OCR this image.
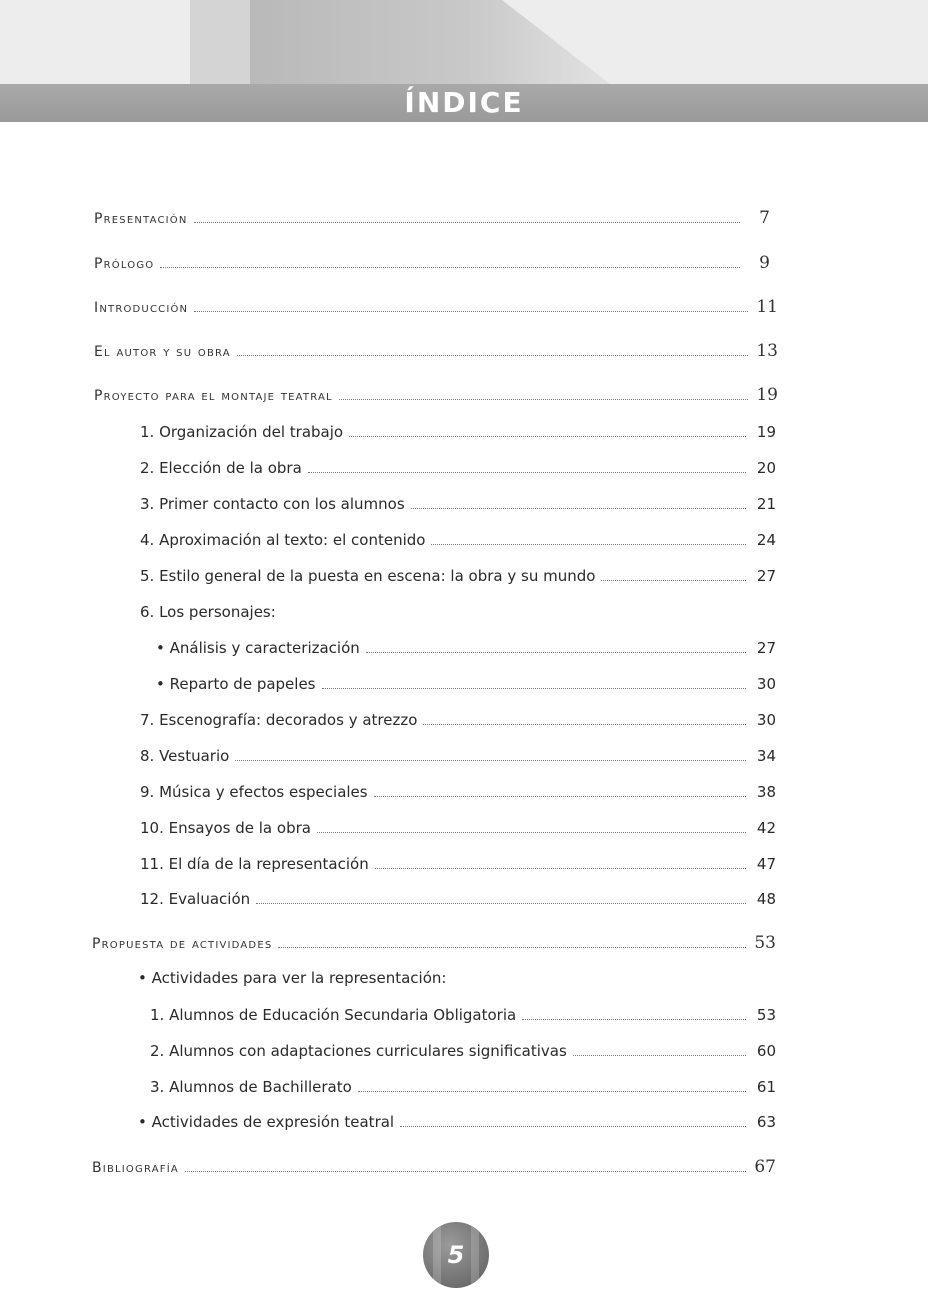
ÍNDICE
Presentación	7
Prólogo	9
Introducción	11
El autor y su obra	13
Proyecto para el montaje teatral	19
1. Organización del trabajo	19
2. Elección de la obra	20
3. Primer contacto con los alumnos	21
4. Aproximación al texto: el contenido	24
5. Estilo general de la puesta en escena: la obra y su mundo	27
6. Los personajes:
• Análisis y caracterización	27
• Reparto de papeles	30
7. Escenografía: decorados y atrezzo	30
8. Vestuario	34
9. Música y efectos especiales	38
10. Ensayos de la obra	42
11. El día de la representación	47
12. Evaluación	48
Propuesta de actividades	53
• Actividades para ver la representación:
1. Alumnos de Educación Secundaria Obligatoria	53
2. Alumnos con adaptaciones curriculares significativas	60
3. Alumnos de Bachillerato	61
• Actividades de expresión teatral	63
Bibliografía	67
5
